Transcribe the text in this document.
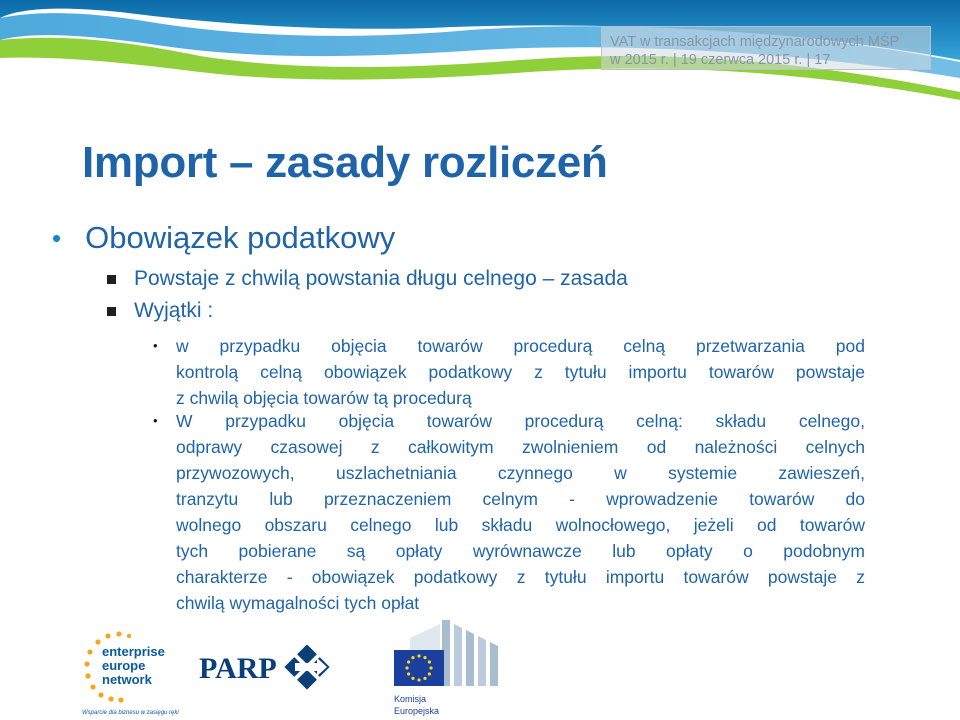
VAT w transakcjach międzynarodowych MŚP
w 2015 r. | 19 czerwca 2015 r. | 17
Import – zasady rozliczeń
• Obowiązek podatkowy
Powstaje z chwilą powstania długu celnego – zasada
Wyjątki :
• w przypadku objęcia towarów procedurą celną przetwarzania pod
kontrolą celną obowiązek podatkowy z tytułu importu towarów powstaje
z chwilą objęcia towarów tą procedurą
• W przypadku objęcia towarów procedurą celną: składu celnego,
odprawy czasowej z całkowitym zwolnieniem od należności celnych
przywozowych, uszlachetniania czynnego w systemie zawieszeń,
tranzytu lub przeznaczeniem celnym - wprowadzenie towarów do
wolnego obszaru celnego lub składu wolnocłowego, jeżeli od towarów
tych pobierane są opłaty wyrównawcze lub opłaty o podobnym
charakterze - obowiązek podatkowy z tytułu importu towarów powstaje z
chwilą wymagalności tych opłat
enterprise
europe
network
Wsparcie dla biznesu w zasięgu ręki
PARP
Komisja
Europejska
